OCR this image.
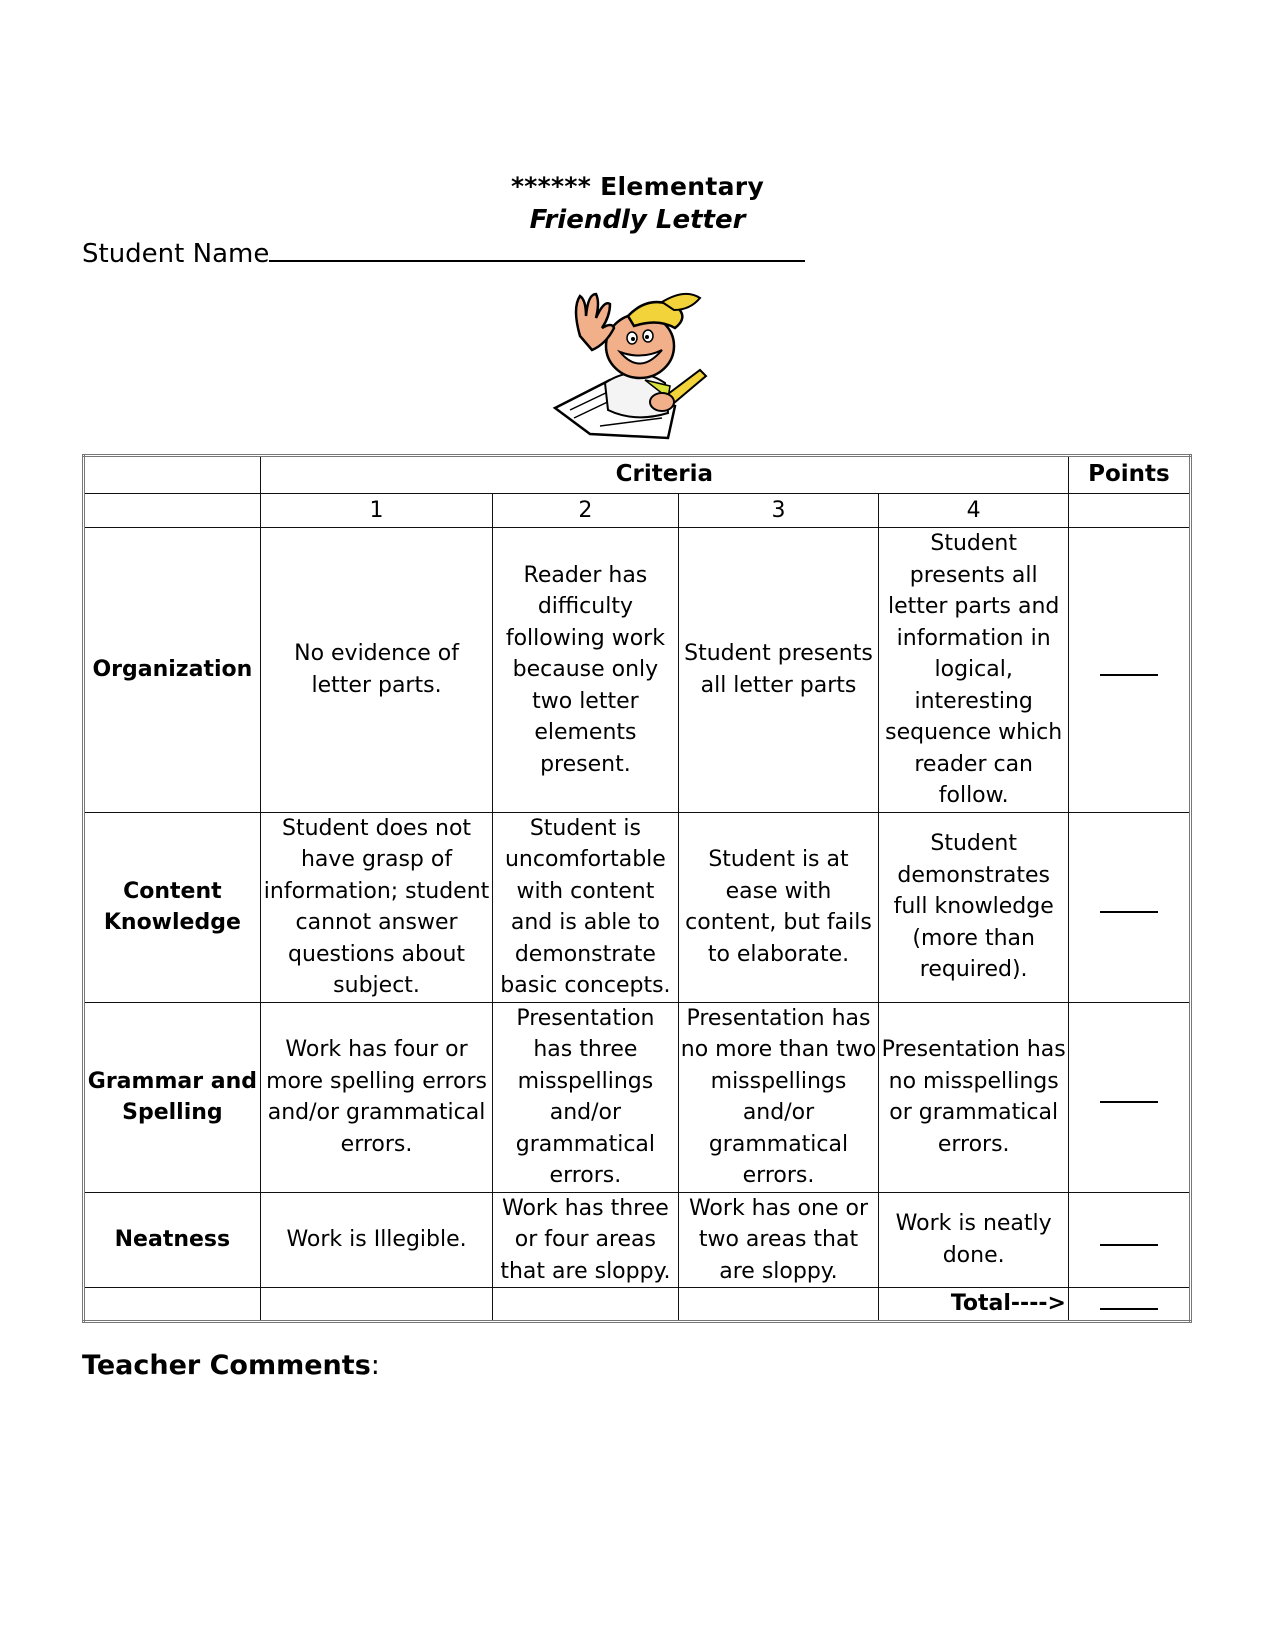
****** Elementary
Friendly Letter
Student Name
	Criteria				Points
	1	2	3	4	
Organization	No evidence of letter parts.	Reader has difficulty following work because only two letter elements present.	Student presents all letter parts	Student presents all letter parts and information in logical, interesting sequence which reader can follow.	
Content Knowledge	Student does not have grasp of information; student cannot answer questions about subject.	Student is uncomfortable with content and is able to demonstrate basic concepts.	Student is at ease with content, but fails to elaborate.	Student demonstrates full knowledge (more than required).	
Grammar and Spelling	Work has four or more spelling errors and/or grammatical errors.	Presentation has three misspellings and/or grammatical errors.	Presentation has no more than two misspellings and/or grammatical errors.	Presentation has no misspellings or grammatical errors.	
Neatness	Work is Illegible.	Work has three or four areas that are sloppy.	Work has one or two areas that are sloppy.	Work is neatly done.	
				Total---->	
Teacher Comments:
